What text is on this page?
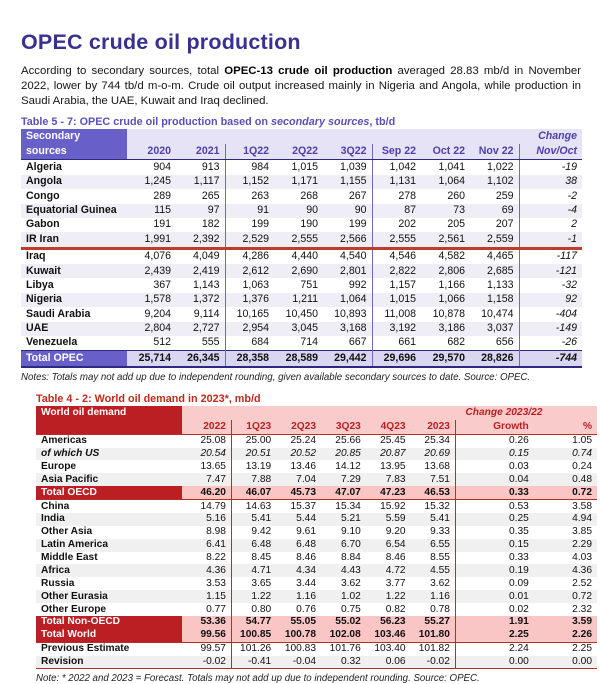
OPEC crude oil production

According to secondary sources, total OPEC-13 crude oil production averaged 28.83 mb/d in November 2022, lower by 744 tb/d m-o-m. Crude oil output increased mainly in Nigeria and Angola, while production in Saudi Arabia, the UAE, Kuwait and Iraq declined.

Table 5 - 7: OPEC crude oil production based on secondary sources, tb/d
Secondary									Change
sources	2020	2021	1Q22	2Q22	3Q22	Sep 22	Oct 22	Nov 22	Nov/Oct
Algeria	904	913	984	1,015	1,039	1,042	1,041	1,022	-19
Angola	1,245	1,117	1,152	1,171	1,155	1,131	1,064	1,102	38
Congo	289	265	263	268	267	278	260	259	-2
Equatorial Guinea	115	97	91	90	90	87	73	69	-4
Gabon	191	182	199	190	199	202	205	207	2
IR Iran	1,991	2,392	2,529	2,555	2,566	2,555	2,561	2,559	-1
Iraq	4,076	4,049	4,286	4,440	4,540	4,546	4,582	4,465	-117
Kuwait	2,439	2,419	2,612	2,690	2,801	2,822	2,806	2,685	-121
Libya	367	1,143	1,063	751	992	1,157	1,166	1,133	-32
Nigeria	1,578	1,372	1,376	1,211	1,064	1,015	1,066	1,158	92
Saudi Arabia	9,204	9,114	10,165	10,450	10,893	11,008	10,878	10,474	-404
UAE	2,804	2,727	2,954	3,045	3,168	3,192	3,186	3,037	-149
Venezuela	512	555	684	714	667	661	682	656	-26
Total OPEC	25,714	26,345	28,358	28,589	29,442	29,696	29,570	28,826	-744

Notes: Totals may not add up due to independent rounding, given available secondary sources to date. Source: OPEC.

Table 4 - 2: World oil demand in 2023*, mb/d
World oil demand							Change 2023/22	
	2022	1Q23	2Q23	3Q23	4Q23	2023	Growth	%
Americas	25.08	25.00	25.24	25.66	25.45	25.34	0.26	1.05
of which US	20.54	20.51	20.52	20.85	20.87	20.69	0.15	0.74
Europe	13.65	13.19	13.46	14.12	13.95	13.68	0.03	0.24
Asia Pacific	7.47	7.88	7.04	7.29	7.83	7.51	0.04	0.48
Total OECD	46.20	46.07	45.73	47.07	47.23	46.53	0.33	0.72
China	14.79	14.63	15.37	15.34	15.92	15.32	0.53	3.58
India	5.16	5.41	5.44	5.21	5.59	5.41	0.25	4.94
Other Asia	8.98	9.42	9.61	9.10	9.20	9.33	0.35	3.85
Latin America	6.41	6.48	6.48	6.70	6.54	6.55	0.15	2.29
Middle East	8.22	8.45	8.46	8.84	8.46	8.55	0.33	4.03
Africa	4.36	4.71	4.34	4.43	4.72	4.55	0.19	4.36
Russia	3.53	3.65	3.44	3.62	3.77	3.62	0.09	2.52
Other Eurasia	1.15	1.22	1.16	1.02	1.22	1.16	0.01	0.72
Other Europe	0.77	0.80	0.76	0.75	0.82	0.78	0.02	2.32
Total Non-OECD	53.36	54.77	55.05	55.02	56.23	55.27	1.91	3.59
Total World	99.56	100.85	100.78	102.08	103.46	101.80	2.25	2.26
Previous Estimate	99.57	101.26	100.83	101.76	103.40	101.82	2.24	2.25
Revision	-0.02	-0.41	-0.04	0.32	0.06	-0.02	0.00	0.00

Note: * 2022 and 2023 = Forecast. Totals may not add up due to independent rounding. Source: OPEC.
